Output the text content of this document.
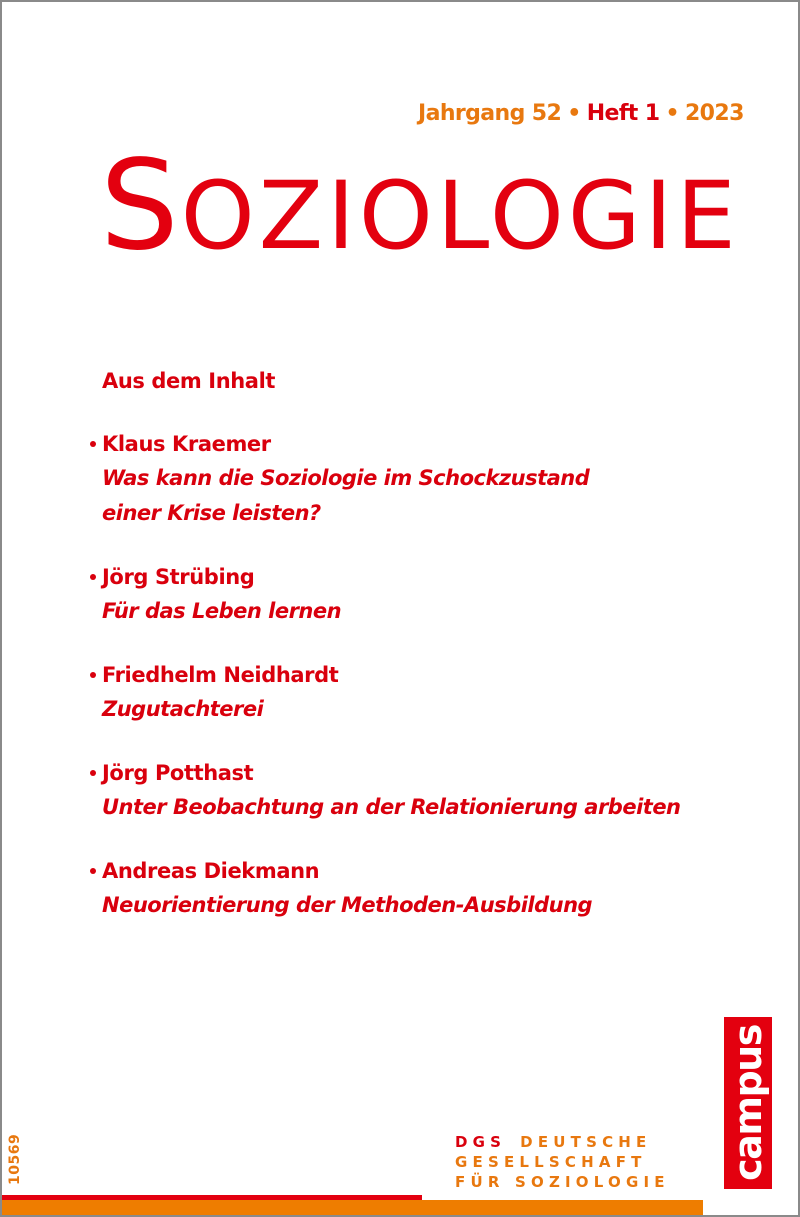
Jahrgang 52 • Heft 1 • 2023
SOZIOLOGIE
Aus dem Inhalt
Klaus Kraemer
Was kann die Soziologie im Schockzustand
einer Krise leisten?
Jörg Strübing
Für das Leben lernen
Friedhelm Neidhardt
Zugutachterei
Jörg Potthast
Unter Beobachtung an der Relationierung arbeiten
Andreas Diekmann
Neuorientierung der Methoden-Ausbildung
10569	DGS DEUTSCHE
GESELLSCHAFT
FÜR SOZIOLOGIE
campus
